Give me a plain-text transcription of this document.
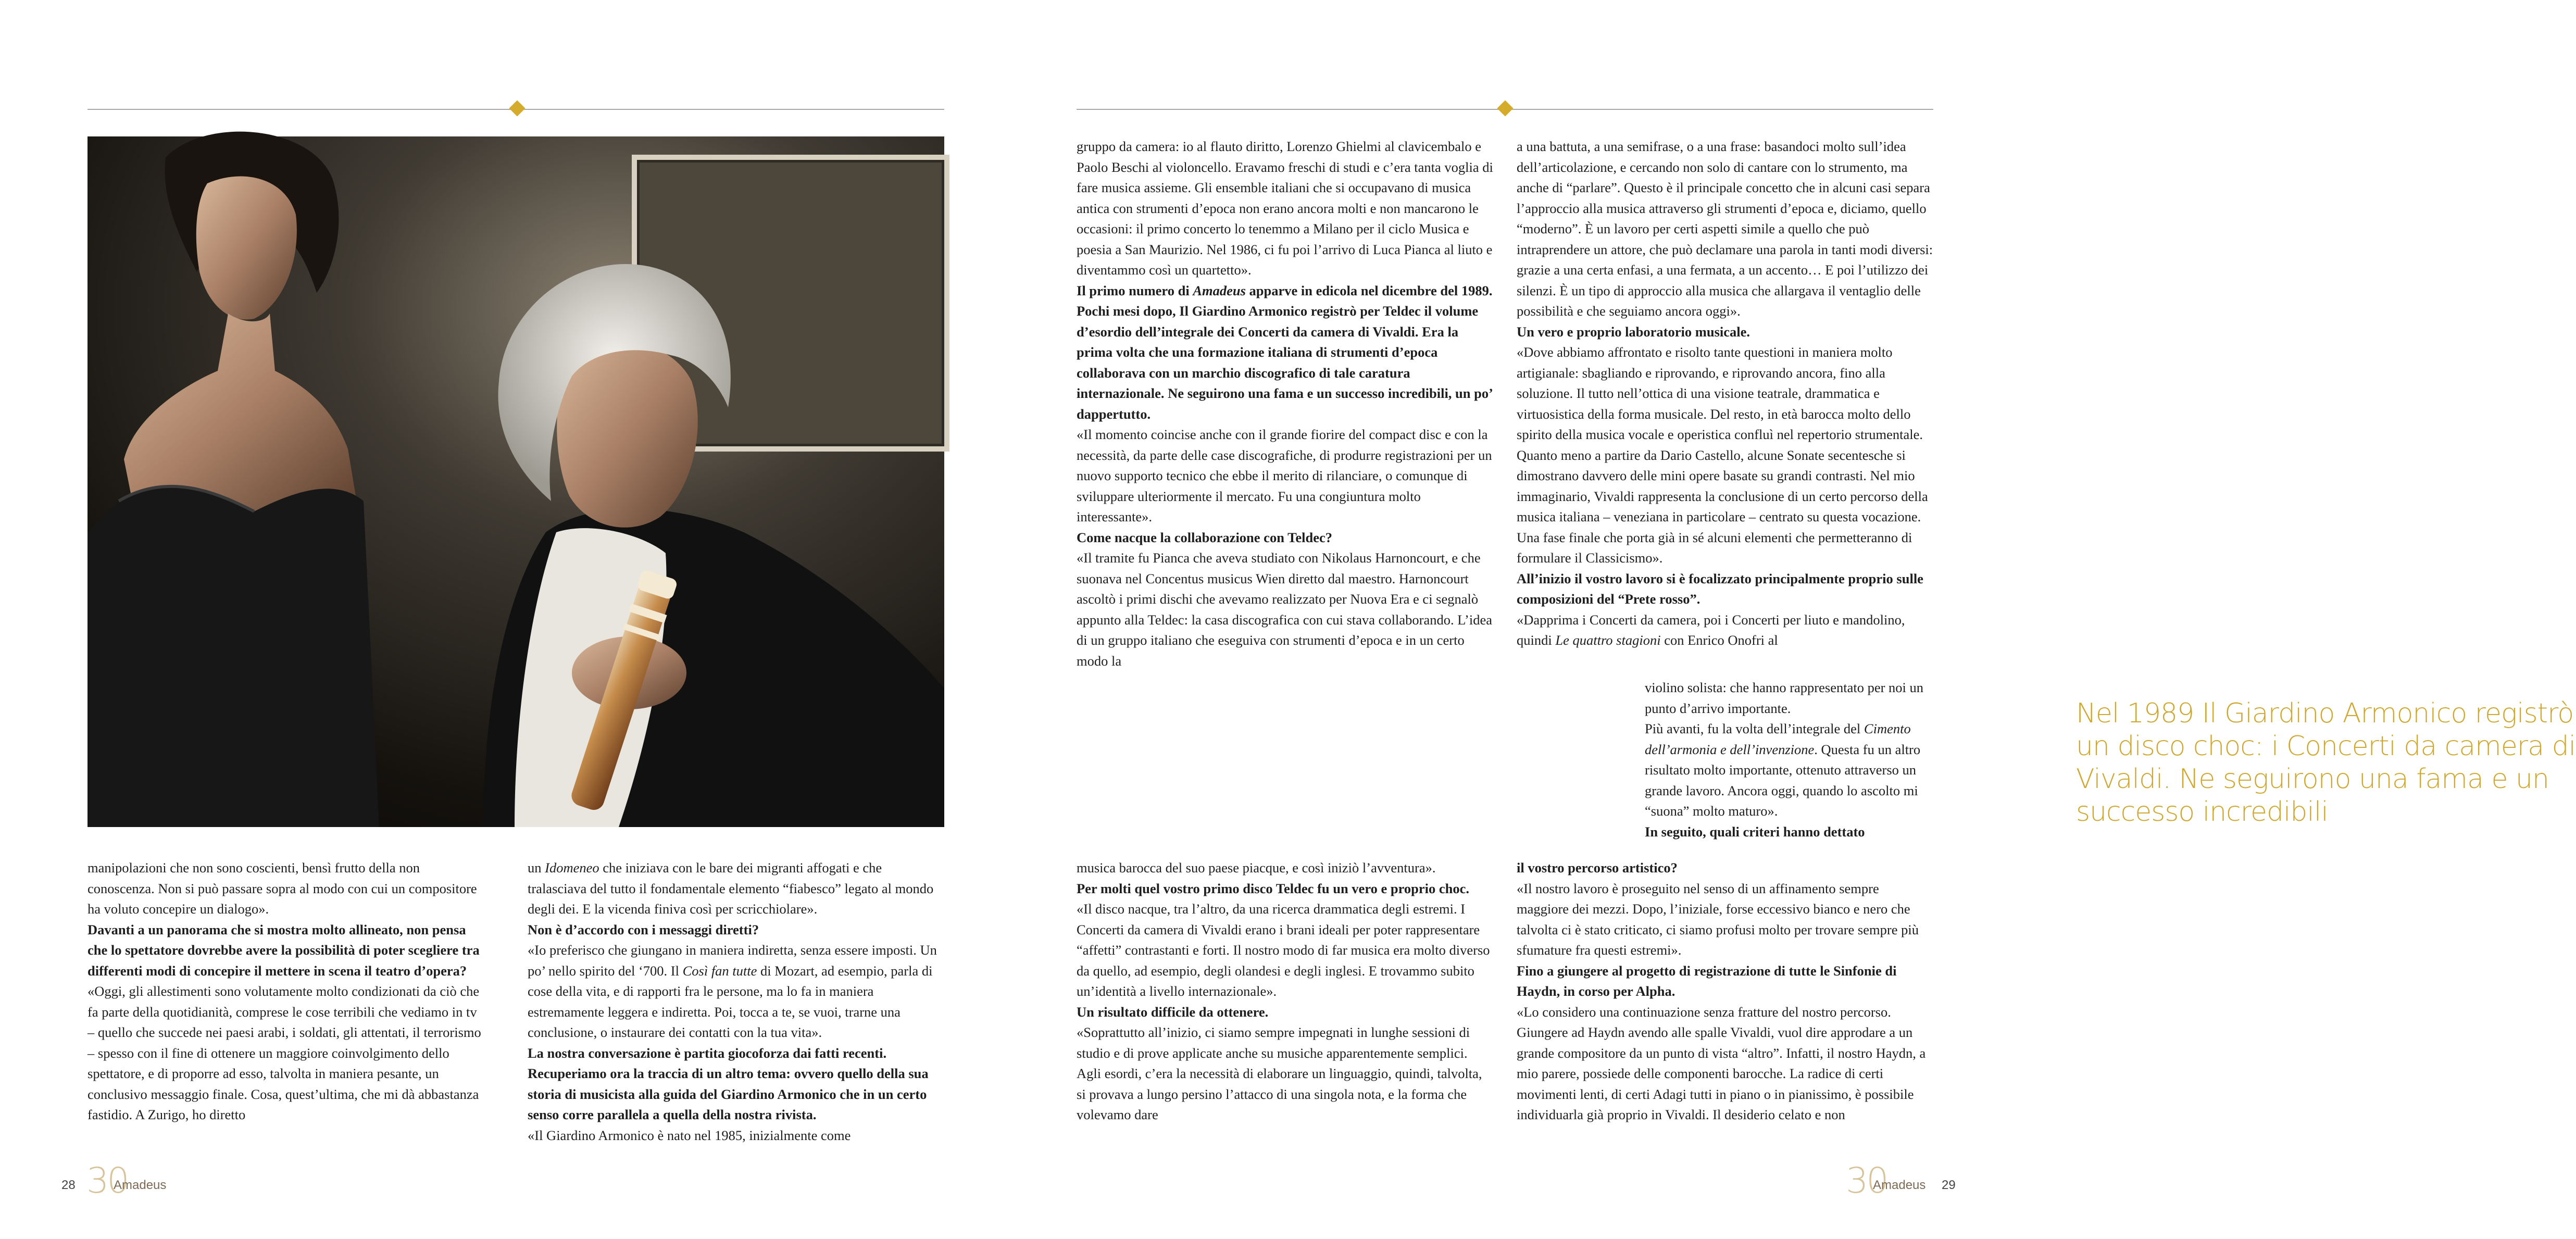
manipolazioni che non sono coscienti, bensì frutto della non conoscenza. Non si può passare sopra al modo con cui un compositore ha voluto concepire un dialogo».

Davanti a un panorama che si mostra molto allineato, non pensa che lo spettatore dovrebbe avere la possibilità di poter scegliere tra differenti modi di concepire il mettere in scena il teatro d’opera?

«Oggi, gli allestimenti sono volutamente molto condizionati da ciò che fa parte della quotidianità, comprese le cose terribili che vediamo in tv – quello che succede nei paesi arabi, i soldati, gli attentati, il terrorismo – spesso con il fine di ottenere un maggiore coinvolgimento dello spettatore, e di proporre ad esso, talvolta in maniera pesante, un conclusivo messaggio finale. Cosa, quest’ultima, che mi dà abbastanza fastidio. A Zurigo, ho diretto

un Idomeneo che iniziava con le bare dei migranti affogati e che tralasciava del tutto il fondamentale elemento “fiabesco” legato al mondo degli dei. E la vicenda finiva così per scricchiolare».

Non è d’accordo con i messaggi diretti?

«Io preferisco che giungano in maniera indiretta, senza essere imposti. Un po’ nello spirito del ‘700. Il Così fan tutte di Mozart, ad esempio, parla di cose della vita, e di rapporti fra le persone, ma lo fa in maniera estremamente leggera e indiretta. Poi, tocca a te, se vuoi, trarne una conclusione, o instaurare dei contatti con la tua vita».

La nostra conversazione è partita giocoforza dai fatti recenti. Recuperiamo ora la traccia di un altro tema: ovvero quello della sua storia di musicista alla guida del Giardino Armonico che in un certo senso corre parallela a quella della nostra rivista.

«Il Giardino Armonico è nato nel 1985, inizialmente come

28 30
Amadeus

gruppo da camera: io al flauto diritto, Lorenzo Ghielmi al clavicembalo e Paolo Beschi al violoncello. Eravamo freschi di studi e c’era tanta voglia di fare musica assieme. Gli ensemble italiani che si occupavano di musica antica con strumenti d’epoca non erano ancora molti e non mancarono le occasioni: il primo concerto lo tenemmo a Milano per il ciclo Musica e poesia a San Maurizio. Nel 1986, ci fu poi l’arrivo di Luca Pianca al liuto e diventammo così un quartetto».

Il primo numero di Amadeus apparve in edicola nel dicembre del 1989. Pochi mesi dopo, Il Giardino Armonico registrò per Teldec il volume d’esordio dell’integrale dei Concerti da camera di Vivaldi. Era la prima volta che una formazione italiana di strumenti d’epoca collaborava con un marchio discografico di tale caratura internazionale. Ne seguirono una fama e un successo incredibili, un po’ dappertutto.

«Il momento coincise anche con il grande fiorire del compact disc e con la necessità, da parte delle case discografiche, di produrre registrazioni per un nuovo supporto tecnico che ebbe il merito di rilanciare, o comunque di sviluppare ulteriormente il mercato. Fu una congiuntura molto interessante».

Come nacque la collaborazione con Teldec?

«Il tramite fu Pianca che aveva studiato con Nikolaus Harnoncourt, e che suonava nel Concentus musicus Wien diretto dal maestro. Harnoncourt ascoltò i primi dischi che avevamo realizzato per Nuova Era e ci segnalò appunto alla Teldec: la casa discografica con cui stava collaborando. L’idea di un gruppo italiano che eseguiva con strumenti d’epoca e in un certo modo la

Nel 1989 Il Giardino Armonico registrò un disco choc: i Concerti da camera di Vivaldi. Ne seguirono una fama e un successo incredibili

musica barocca del suo paese piacque, e così iniziò l’avventura».

Per molti quel vostro primo disco Teldec fu un vero e proprio choc.

«Il disco nacque, tra l’altro, da una ricerca drammatica degli estremi. I Concerti da camera di Vivaldi erano i brani ideali per poter rappresentare “affetti” contrastanti e forti. Il nostro modo di far musica era molto diverso da quello, ad esempio, degli olandesi e degli inglesi. E trovammo subito un’identità a livello internazionale».

Un risultato difficile da ottenere.

«Soprattutto all’inizio, ci siamo sempre impegnati in lunghe sessioni di studio e di prove applicate anche su musiche apparentemente semplici. Agli esordi, c’era la necessità di elaborare un linguaggio, quindi, talvolta, si provava a lungo persino l’attacco di una singola nota, e la forma che volevamo dare

a una battuta, a una semifrase, o a una frase: basandoci molto sull’idea dell’articolazione, e cercando non solo di cantare con lo strumento, ma anche di “parlare”. Questo è il principale concetto che in alcuni casi separa l’approccio alla musica attraverso gli strumenti d’epoca e, diciamo, quello “moderno”. È un lavoro per certi aspetti simile a quello che può intraprendere un attore, che può declamare una parola in tanti modi diversi: grazie a una certa enfasi, a una fermata, a un accento… E poi l’utilizzo dei silenzi. È un tipo di approccio alla musica che allargava il ventaglio delle possibilità e che seguiamo ancora oggi».

Un vero e proprio laboratorio musicale.

«Dove abbiamo affrontato e risolto tante questioni in maniera molto artigianale: sbagliando e riprovando, e riprovando ancora, fino alla soluzione. Il tutto nell’ottica di una visione teatrale, drammatica e virtuosistica della forma musicale. Del resto, in età barocca molto dello spirito della musica vocale e operistica confluì nel repertorio strumentale. Quanto meno a partire da Dario Castello, alcune Sonate secentesche si dimostrano davvero delle mini opere basate su grandi contrasti. Nel mio immaginario, Vivaldi rappresenta la conclusione di un certo percorso della musica italiana – veneziana in particolare – centrato su questa vocazione. Una fase finale che porta già in sé alcuni elementi che permetteranno di formulare il Classicismo».

All’inizio il vostro lavoro si è focalizzato principalmente proprio sulle composizioni del “Prete rosso”.

«Dapprima i Concerti da camera, poi i Concerti per liuto e mandolino, quindi Le quattro stagioni con Enrico Onofri al

violino solista: che hanno rappresentato per noi un punto d’arrivo importante.

Più avanti, fu la volta dell’integrale del Cimento dell’armonia e dell’invenzione. Questa fu un altro risultato molto importante, ottenuto attraverso un grande lavoro. Ancora oggi, quando lo ascolto mi “suona” molto maturo».

In seguito, quali criteri hanno dettato

il vostro percorso artistico?

«Il nostro lavoro è proseguito nel senso di un affinamento sempre maggiore dei mezzi. Dopo, l’iniziale, forse eccessivo bianco e nero che talvolta ci è stato criticato, ci siamo profusi molto per trovare sempre più sfumature fra questi estremi».

Fino a giungere al progetto di registrazione di tutte le Sinfonie di Haydn, in corso per Alpha.

«Lo considero una continuazione senza fratture del nostro percorso. Giungere ad Haydn avendo alle spalle Vivaldi, vuol dire approdare a un grande compositore da un punto di vista “altro”. Infatti, il nostro Haydn, a mio parere, possiede delle componenti barocche. La radice di certi movimenti lenti, di certi Adagi tutti in piano o in pianissimo, è possibile individuarla già proprio in Vivaldi. Il desiderio celato e non

30
Amadeus 29
